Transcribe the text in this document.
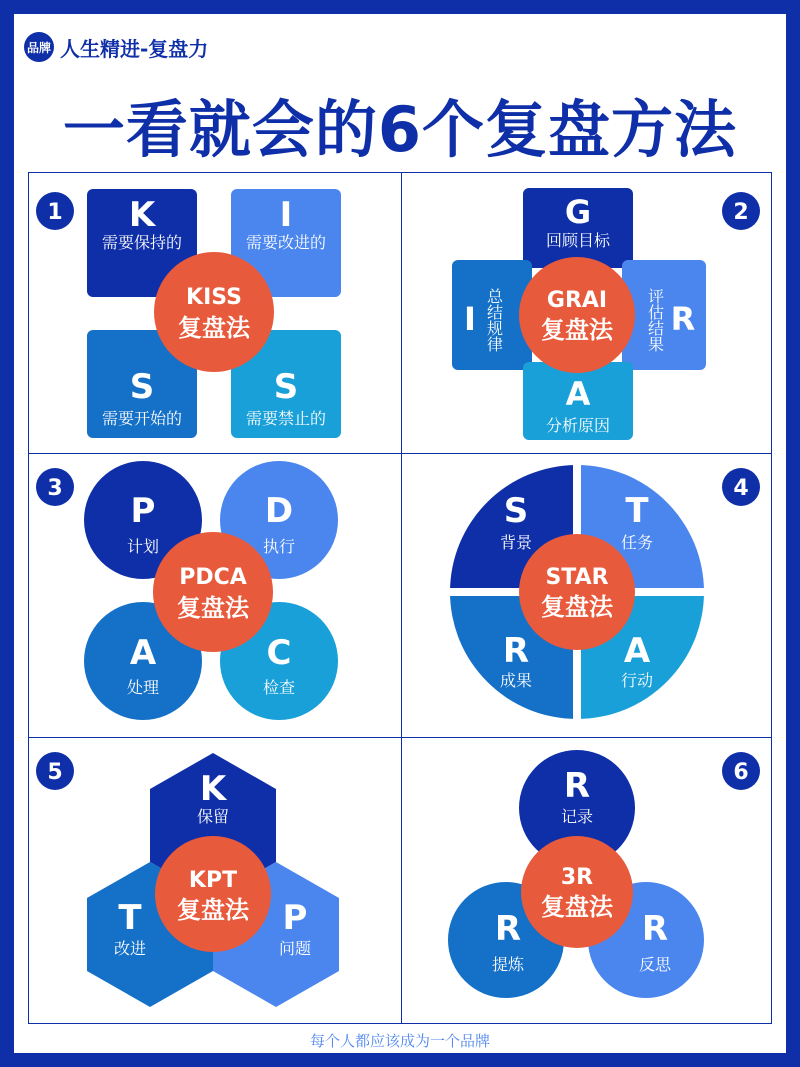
品牌 人生精进-复盘力
一看就会的6个复盘方法
1 K
需要保持的
I
需要改进的
S
需要开始的
S
需要禁止的
KISS
复盘法
2
G
回顾目标
R
评估结果
A
分析原因
I 总结规律 GRAI
复盘法
3
P
计划
D
执行
A
处理
C
检查
PDCA
复盘法
4
S
背景
T
任务
R
成果
A
行动
STAR
复盘法
5	K
保留
T
改进
P
问题
KPT
复盘法
6
R
记录
R
提炼
R
反思
3R
复盘法
每个人都应该成为一个品牌
